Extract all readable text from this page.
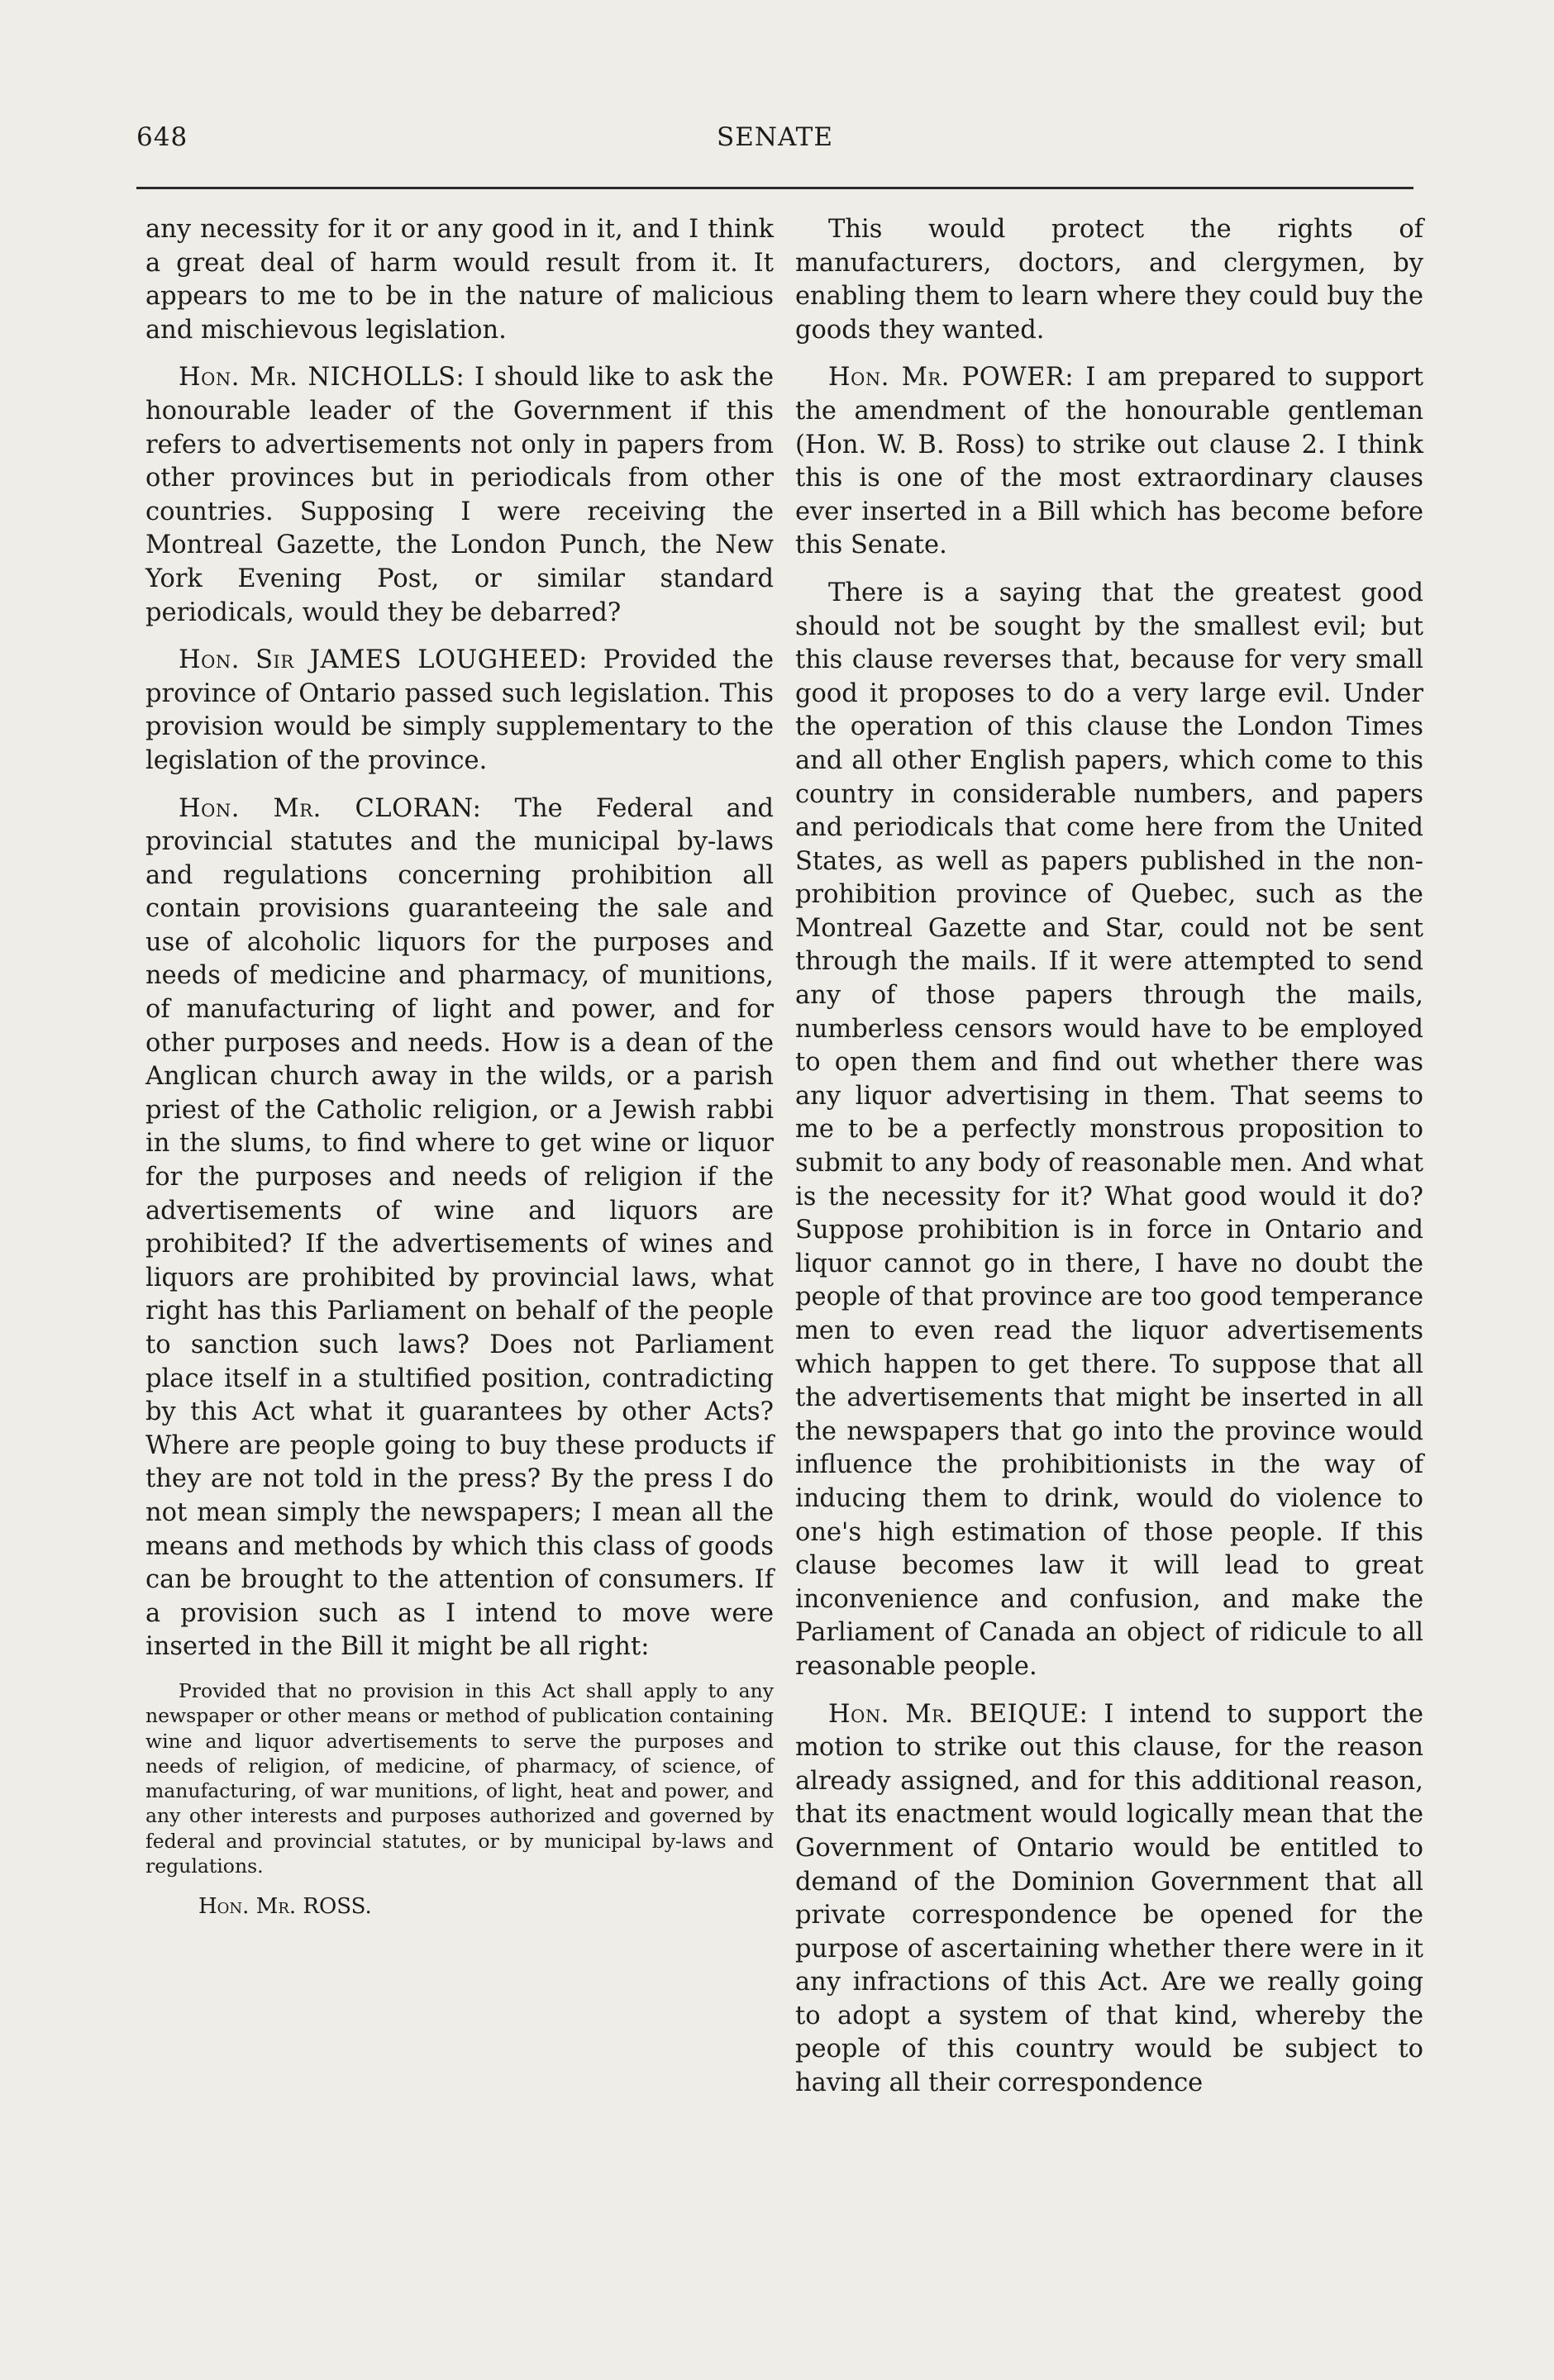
648	SENATE

any necessity for it or any good in it, and I think a great deal of harm would result from it. It appears to me to be in the nature of malicious and mischievous legislation.

Hon. Mr. NICHOLLS: I should like to ask the honourable leader of the Government if this refers to advertisements not only in papers from other provinces but in periodicals from other countries. Supposing I were receiving the Montreal Gazette, the London Punch, the New York Evening Post, or similar standard periodicals, would they be debarred?

Hon. Sir JAMES LOUGHEED: Provided the province of Ontario passed such legislation. This provision would be simply supplementary to the legislation of the province.

Hon. Mr. CLORAN: The Federal and provincial statutes and the municipal by-laws and regulations concerning prohibition all contain provisions guaranteeing the sale and use of alcoholic liquors for the purposes and needs of medicine and pharmacy, of munitions, of manufacturing of light and power, and for other purposes and needs. How is a dean of the Anglican church away in the wilds, or a parish priest of the Catholic religion, or a Jewish rabbi in the slums, to find where to get wine or liquor for the purposes and needs of religion if the advertisements of wine and liquors are prohibited? If the advertisements of wines and liquors are prohibited by provincial laws, what right has this Parliament on behalf of the people to sanction such laws? Does not Parliament place itself in a stultified position, contradicting by this Act what it guarantees by other Acts? Where are people going to buy these products if they are not told in the press? By the press I do not mean simply the newspapers; I mean all the means and methods by which this class of goods can be brought to the attention of consumers. If a provision such as I intend to move were inserted in the Bill it might be all right:

Provided that no provision in this Act shall apply to any newspaper or other means or method of publication containing wine and liquor advertisements to serve the purposes and needs of religion, of medicine, of pharmacy, of science, of manufacturing, of war munitions, of light, heat and power, and any other interests and purposes authorized and governed by federal and provincial statutes, or by municipal by-laws and regulations.

Hon. Mr. ROSS.

This would protect the rights of manufacturers, doctors, and clergymen, by enabling them to learn where they could buy the goods they wanted.

Hon. Mr. POWER: I am prepared to support the amendment of the honourable gentleman (Hon. W. B. Ross) to strike out clause 2. I think this is one of the most extraordinary clauses ever inserted in a Bill which has become before this Senate.

There is a saying that the greatest good should not be sought by the smallest evil; but this clause reverses that, because for very small good it proposes to do a very large evil. Under the operation of this clause the London Times and all other English papers, which come to this country in considerable numbers, and papers and periodicals that come here from the United States, as well as papers published in the non-prohibition province of Quebec, such as the Montreal Gazette and Star, could not be sent through the mails. If it were attempted to send any of those papers through the mails, numberless censors would have to be employed to open them and find out whether there was any liquor advertising in them. That seems to me to be a perfectly monstrous proposition to submit to any body of reasonable men. And what is the necessity for it? What good would it do? Suppose prohibition is in force in Ontario and liquor cannot go in there, I have no doubt the people of that province are too good temperance men to even read the liquor advertisements which happen to get there. To suppose that all the advertisements that might be inserted in all the newspapers that go into the province would influence the prohibitionists in the way of inducing them to drink, would do violence to one's high estimation of those people. If this clause becomes law it will lead to great inconvenience and confusion, and make the Parliament of Canada an object of ridicule to all reasonable people.

Hon. Mr. BEIQUE: I intend to support the motion to strike out this clause, for the reason already assigned, and for this additional reason, that its enactment would logically mean that the Government of Ontario would be entitled to demand of the Dominion Government that all private correspondence be opened for the purpose of ascertaining whether there were in it any infractions of this Act. Are we really going to adopt a system of that kind, whereby the people of this country would be subject to having all their correspondence
